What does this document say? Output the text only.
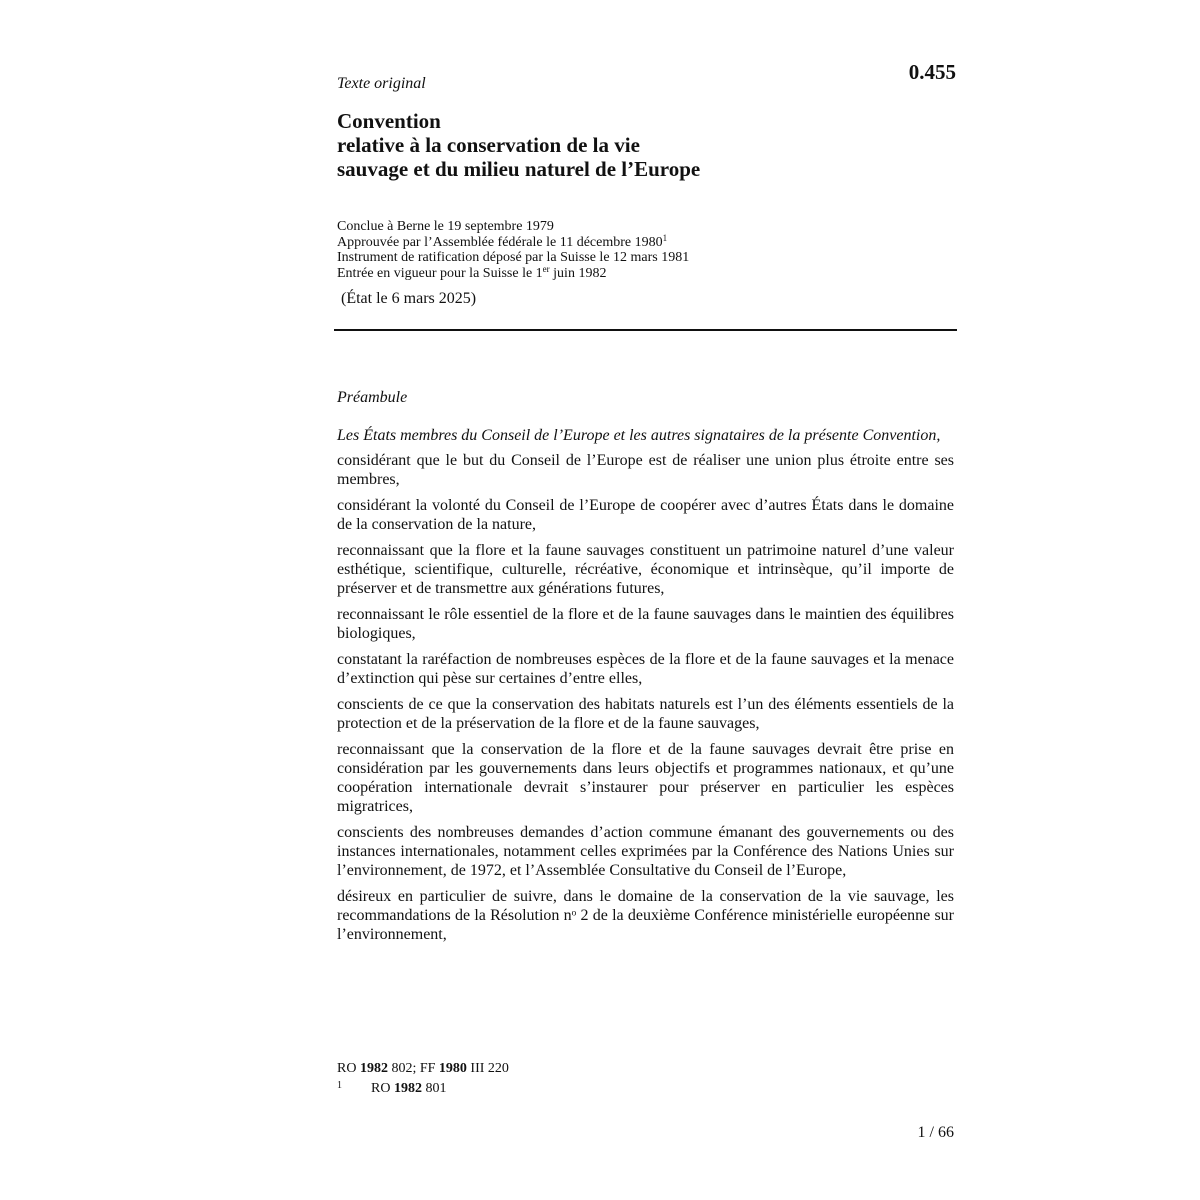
0.455
Texte original
Convention
relative à la conservation de la vie
sauvage et du milieu naturel de l’Europe
Conclue à Berne le 19 septembre 1979
Approuvée par l’Assemblée fédérale le 11 décembre 1980$^1$
Instrument de ratification déposé par la Suisse le 12 mars 1981
Entrée en vigueur pour la Suisse le 1er juin 1982
(État le 6 mars 2025)
Préambule

Les États membres du Conseil de l’Europe et les autres signataires de la présente Convention,

considérant que le but du Conseil de l’Europe est de réaliser une union plus étroite entre ses membres,

considérant la volonté du Conseil de l’Europe de coopérer avec d’autres États dans le domaine de la conservation de la nature,

reconnaissant que la flore et la faune sauvages constituent un patrimoine naturel d’une valeur esthétique, scientifique, culturelle, récréative, économique et intrinsèque, qu’il importe de préserver et de transmettre aux générations futures,

reconnaissant le rôle essentiel de la flore et de la faune sauvages dans le maintien des équilibres biologiques,

constatant la raréfaction de nombreuses espèces de la flore et de la faune sauvages et la menace d’extinction qui pèse sur certaines d’entre elles,

conscients de ce que la conservation des habitats naturels est l’un des éléments essentiels de la protection et de la préservation de la flore et de la faune sauvages,

reconnaissant que la conservation de la flore et de la faune sauvages devrait être prise en considération par les gouvernements dans leurs objectifs et programmes nationaux, et qu’une coopération internationale devrait s’instaurer pour préserver en particulier les espèces migratrices,

conscients des nombreuses demandes d’action commune émanant des gouvernements ou des instances internationales, notamment celles exprimées par la Conférence des Nations Unies sur l’environnement, de 1972, et l’Assemblée Consultative du Conseil de l’Europe,

désireux en particulier de suivre, dans le domaine de la conservation de la vie sauvage, les recommandations de la Résolution nᵒ 2 de la deuxième Conférence ministérielle européenne sur l’environnement,

RO 1982 802; FF 1980 III 220
1 RO 1982 801
1 / 66
